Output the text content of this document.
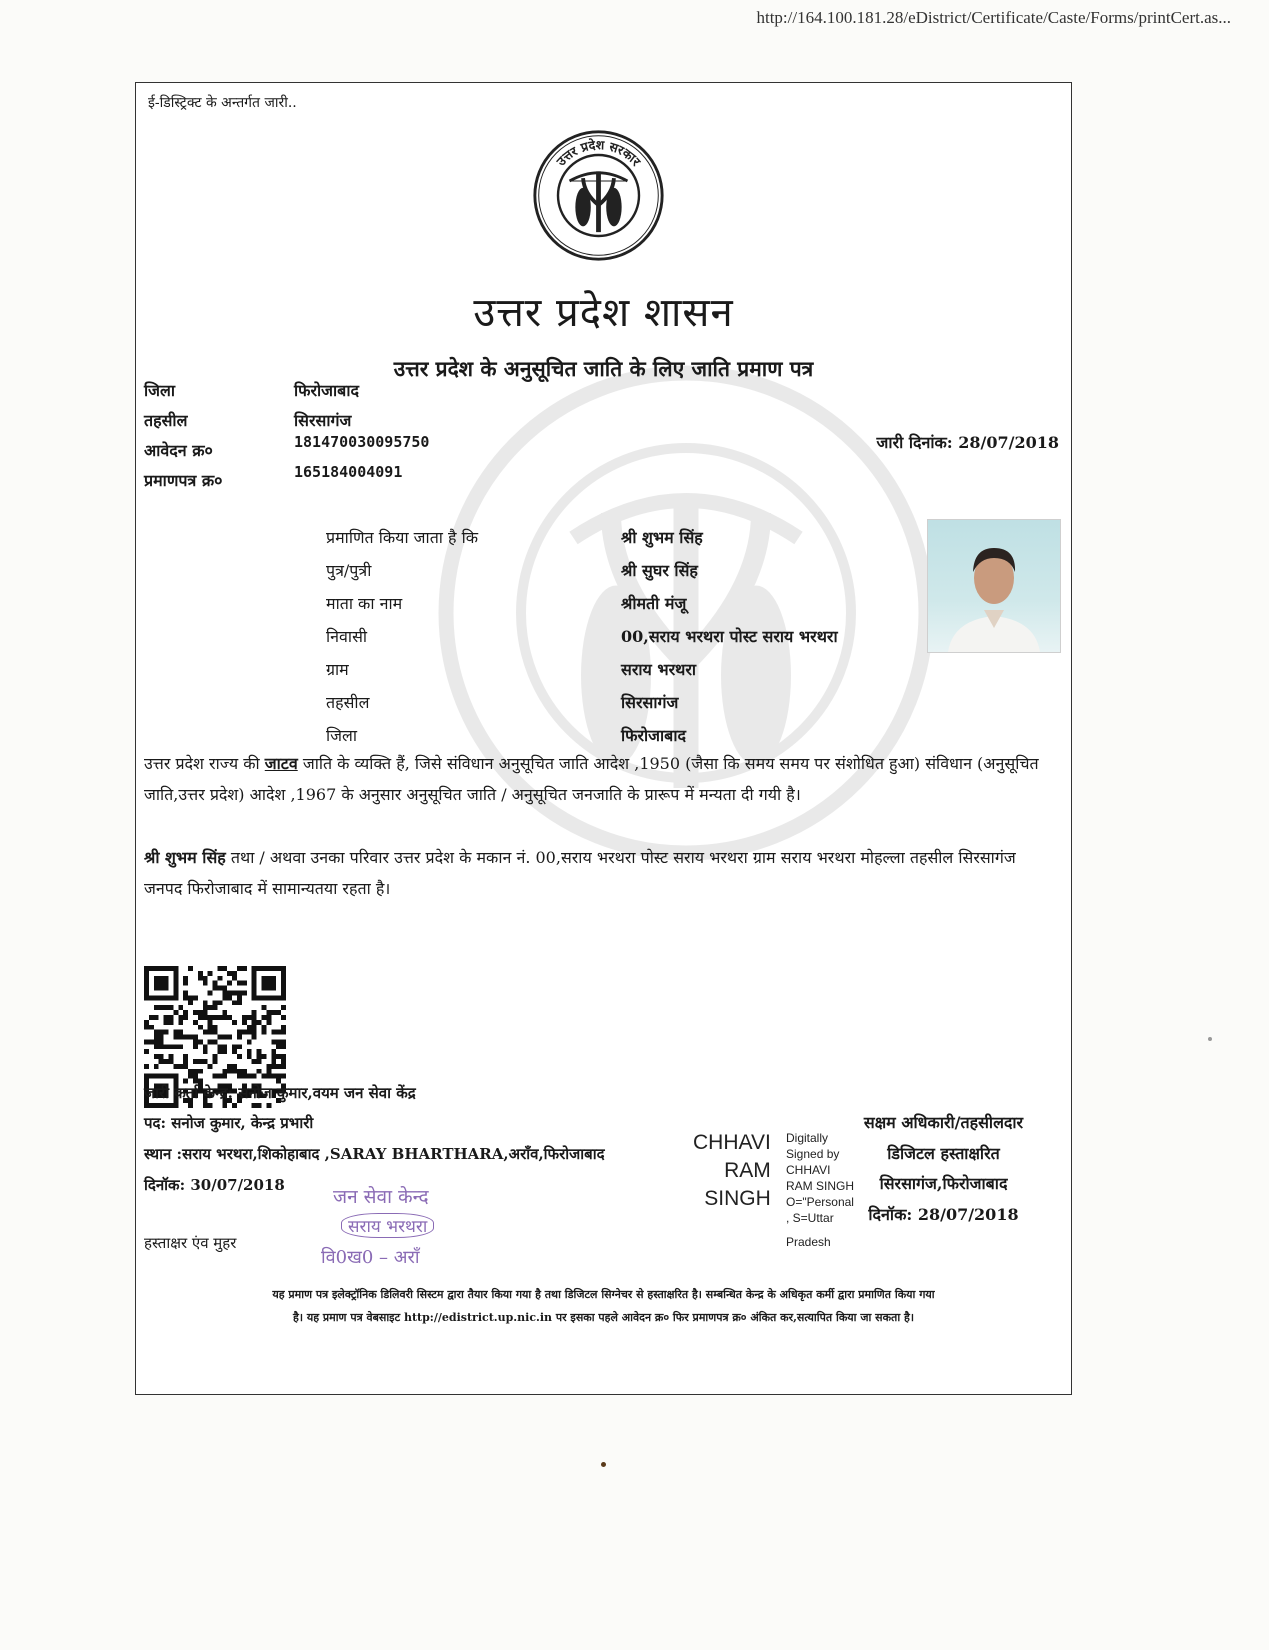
http://164.100.181.28/eDistrict/Certificate/Caste/Forms/printCert.as...
ई-डिस्ट्रिक्ट के अन्तर्गत जारी..
उत्तर प्रदेश सरकार
उत्तर प्रदेश शासन
उत्तर प्रदेश के अनुसूचित जाति के लिए जाति प्रमाण पत्र
जिला	फिरोजाबाद
तहसील	सिरसागंज
आवेदन क्र०	181470030095750
प्रमाणपत्र क्र०	165184004091
जारी दिनांक: 28/07/2018
प्रमाणित किया जाता है कि	श्री शुभम सिंह
पुत्र/पुत्री	श्री सुघर सिंह
माता का नाम	श्रीमती मंजू
निवासी	00,सराय भरथरा पोस्ट सराय भरथरा
ग्राम	सराय भरथरा
तहसील	सिरसागंज
जिला	फिरोजाबाद
उत्तर प्रदेश राज्य की जाटव जाति के व्यक्ति हैं, जिसे संविधान अनुसूचित जाति आदेश ,1950 (जैसा कि समय समय पर संशोधित हुआ) संविधान (अनुसूचित जाति,उत्तर प्रदेश) आदेश ,1967 के अनुसार अनुसूचित जाति / अनुसूचित जनजाति के प्रारूप में मन्यता दी गयी है।
श्री शुभम सिंह तथा / अथवा उनका परिवार उत्तर प्रदेश के मकान नं. 00,सराय भरथरा पोस्ट सराय भरथरा ग्राम सराय भरथरा मोहल्ला तहसील सिरसागंज जनपद फिरोजाबाद में सामान्यतया रहता है।
जारी कर्ता केन्द्र: सनोज कुमार,वयम जन सेवा केंद्र
पद: सनोज कुमार, केन्द्र प्रभारी
स्थान :सराय भरथरा,शिकोहाबाद ,SARAY BHARTHARA,अराँव,फिरोजाबाद
दिनॉक: 30/07/2018
हस्ताक्षर एंव मुहर
जन सेवा केन्द
सराय भरथरा
वि0ख0 – अराँ
CHHAVI
RAM
SINGH
Digitally
Signed by
CHHAVI
RAM SINGH
O="Personal
, S=Uttar
Pradesh
सक्षम अधिकारी/तहसीलदार
डिजिटल हस्ताक्षरित
सिरसागंज,फिरोजाबाद
दिनॉक: 28/07/2018
यह प्रमाण पत्र इलेक्ट्रॉनिक डिलिवरी सिस्टम द्वारा तैयार किया गया है तथा डिजिटल सिग्नेचर से हस्ताक्षरित है। सम्बन्धित केन्द्र के अधिकृत कर्मी द्वारा प्रमाणित किया गया
है। यह प्रमाण पत्र वेबसाइट http://edistrict.up.nic.in पर इसका पहले आवेदन क्र० फिर प्रमाणपत्र क्र० अंकित कर,सत्यापित किया जा सकता है।
